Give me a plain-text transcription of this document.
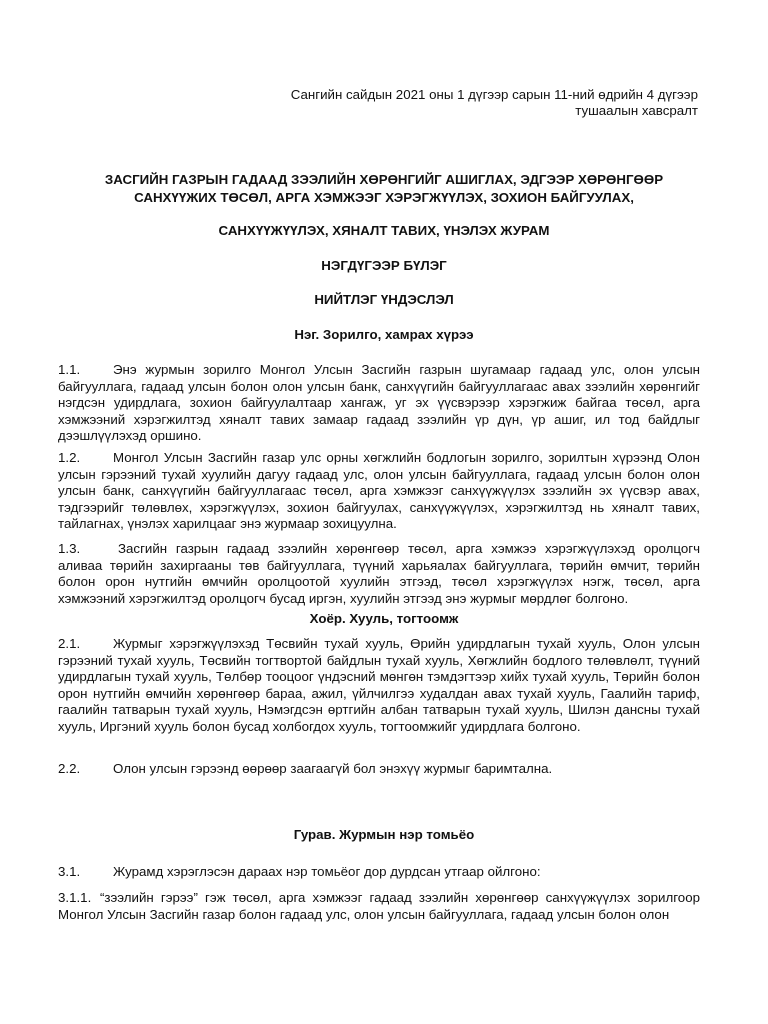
Сангийн сайдын 2021 оны 1 дүгээр сарын 11-ний өдрийн 4 дүгээр
тушаалын хавсралт
ЗАСГИЙН ГАЗРЫН ГАДААД ЗЭЭЛИЙН ХӨРӨНГИЙГ АШИГЛАХ, ЭДГЭЭР ХӨРӨНГӨӨР
САНХҮҮЖИХ ТӨСӨЛ, АРГА ХЭМЖЭЭГ ХЭРЭГЖҮҮЛЭХ, ЗОХИОН БАЙГУУЛАХ,
САНХҮҮЖҮҮЛЭХ, ХЯНАЛТ ТАВИХ, ҮНЭЛЭХ ЖУРАМ
НЭГДҮГЭЭР БҮЛЭГ
НИЙТЛЭГ ҮНДЭСЛЭЛ
Нэг. Зорилго, хамрах хүрээ
1.1. Энэ журмын зорилго Монгол Улсын Засгийн газрын шугамаар гадаад улс, олон улсын байгууллага, гадаад улсын болон олон улсын банк, санхүүгийн байгууллагаас авах зээлийн хөрөнгийг нэгдсэн удирдлага, зохион байгуулалтаар хангаж, уг эх үүсвэрээр хэрэгжиж байгаа төсөл, арга хэмжээний хэрэгжилтэд хяналт тавих замаар гадаад зээлийн үр дүн, үр ашиг, ил тод байдлыг дээшлүүлэхэд оршино.
1.2. Монгол Улсын Засгийн газар улс орны хөгжлийн бодлогын зорилго, зорилтын хүрээнд Олон улсын гэрээний тухай хуулийн дагуу гадаад улс, олон улсын байгууллага, гадаад улсын болон олон улсын банк, санхүүгийн байгууллагаас төсөл, арга хэмжээг санхүүжүүлэх зээлийн эх үүсвэр авах, тэдгээрийг төлөвлөх, хэрэгжүүлэх, зохион байгуулах, санхүүжүүлэх, хэрэгжилтэд нь хяналт тавих, тайлагнах, үнэлэх харилцааг энэ журмаар зохицуулна.
1.3.	Засгийн газрын гадаад зээлийн хөрөнгөөр төсөл, арга хэмжээ хэрэгжүүлэхэд оролцогч аливаа төрийн захиргааны төв байгууллага, түүний харьяалах байгууллага, төрийн өмчит, төрийн болон орон нутгийн өмчийн оролцоотой хуулийн этгээд, төсөл хэрэгжүүлэх нэгж, төсөл, арга хэмжээний хэрэгжилтэд оролцогч бусад иргэн, хуулийн этгээд энэ журмыг мөрдлөг болгоно.
Хоёр. Хууль, тогтоомж
2.1. Журмыг хэрэгжүүлэхэд Төсвийн тухай хууль, Өрийн удирдлагын тухай хууль, Олон улсын гэрээний тухай хууль, Төсвийн тогтвортой байдлын тухай хууль, Хөгжлийн бодлого төлөвлөлт, түүний удирдлагын тухай хууль, Төлбөр тооцоог үндэсний мөнгөн тэмдэгтээр хийх тухай хууль, Төрийн болон орон нутгийн өмчийн хөрөнгөөр бараа, ажил, үйлчилгээ худалдан авах тухай хууль, Гаалийн тариф, гаалийн татварын тухай хууль, Нэмэгдсэн өртгийн албан татварын тухай хууль, Шилэн дансны тухай хууль, Иргэний хууль болон бусад холбогдох хууль, тогтоомжийг удирдлага болгоно.
2.2. Олон улсын гэрээнд өөрөөр заагаагүй бол энэхүү журмыг баримтална.
Гурав. Журмын нэр томьёо
3.1. Журамд хэрэглэсэн дараах нэр томьёог дор дурдсан утгаар ойлгоно:
3.1.1. “зээлийн гэрээ” гэж төсөл, арга хэмжээг гадаад зээлийн хөрөнгөөр санхүүжүүлэх зорилгоор Монгол Улсын Засгийн газар болон гадаад улс, олон улсын байгууллага, гадаад улсын болон олон
